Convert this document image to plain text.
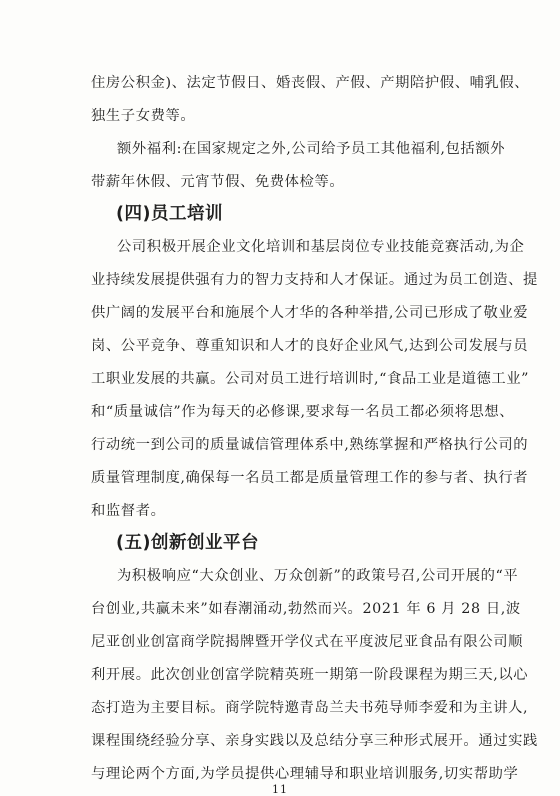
住房公积金)、法定节假日、婚丧假、产假、产期陪护假、哺乳假、
独生子女费等。
额外福利:在国家规定之外,公司给予员工其他福利,包括额外
带薪年休假、元宵节假、免费体检等。
(四)员工培训
公司积极开展企业文化培训和基层岗位专业技能竞赛活动,为企
业持续发展提供强有力的智力支持和人才保证。通过为员工创造、提
供广阔的发展平台和施展个人才华的各种举措,公司已形成了敬业爱
岗、公平竞争、尊重知识和人才的良好企业风气,达到公司发展与员
工职业发展的共赢。公司对员工进行培训时,“食品工业是道德工业”
和“质量诚信”作为每天的必修课,要求每一名员工都必须将思想、
行动统一到公司的质量诚信管理体系中,熟练掌握和严格执行公司的
质量管理制度,确保每一名员工都是质量管理工作的参与者、执行者
和监督者。
(五)创新创业平台
为积极响应“大众创业、万众创新”的政策号召,公司开展的“平
台创业,共赢未来”如春潮涌动,勃然而兴。2021 年 6 月 28 日,波
尼亚创业创富商学院揭牌暨开学仪式在平度波尼亚食品有限公司顺
利开展。此次创业创富学院精英班一期第一阶段课程为期三天,以心
态打造为主要目标。商学院特邀青岛兰夫书苑导师李爱和为主讲人,
课程围绕经验分享、亲身实践以及总结分享三种形式展开。通过实践
与理论两个方面,为学员提供心理辅导和职业培训服务,切实帮助学
11
